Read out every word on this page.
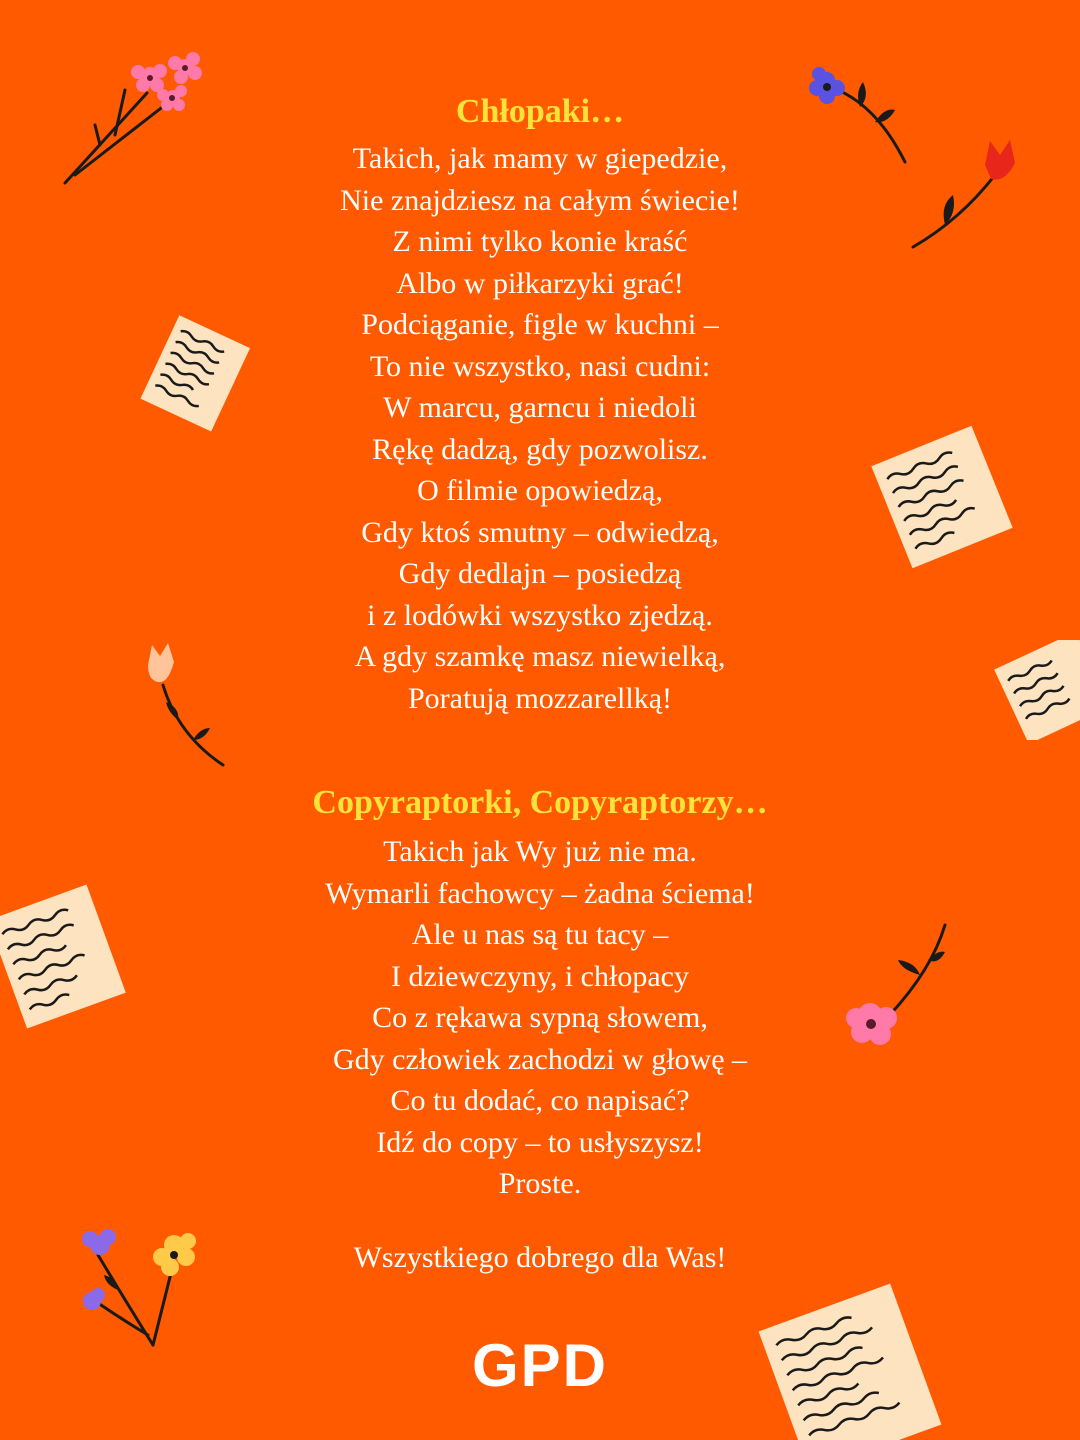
Chłopaki…

Takich, jak mamy w giepedzie,

Nie znajdziesz na całym świecie!

Z nimi tylko konie kraść

Albo w piłkarzyki grać!

Podciąganie, figle w kuchni –

To nie wszystko, nasi cudni:

W marcu, garncu i niedoli

Rękę dadzą, gdy pozwolisz.

O filmie opowiedzą,

Gdy ktoś smutny – odwiedzą,

Gdy dedlajn – posiedzą

i z lodówki wszystko zjedzą.

A gdy szamkę masz niewielką,

Poratują mozzarellką!

Copyraptorki, Copyraptorzy…

Takich jak Wy już nie ma.

Wymarli fachowcy – żadna ściema!

Ale u nas są tu tacy –

I dziewczyny, i chłopacy

Co z rękawa sypną słowem,

Gdy człowiek zachodzi w głowę –

Co tu dodać, co napisać?

Idź do copy – to usłyszysz!

Proste.

Wszystkiego dobrego dla Was!

GPD
